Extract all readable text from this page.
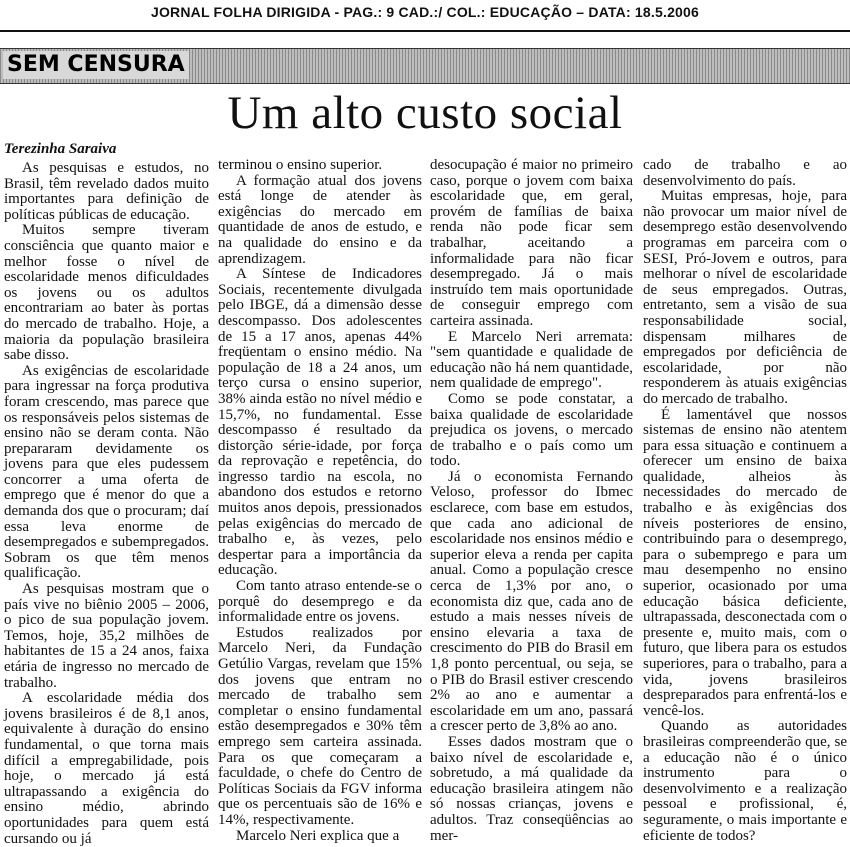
JORNAL FOLHA DIRIGIDA - PAG.: 9 CAD.:/ COL.: EDUCAÇÃO – DATA: 18.5.2006
SEM CENSURA
Um alto custo social
Terezinha Saraiva

As pesquisas e estudos, no Brasil, têm revelado dados muito importantes para definição de políticas públicas de educação.

Muitos sempre tiveram consciência que quanto maior e melhor fosse o nível de escolaridade menos dificuldades os jovens ou os adultos encontrariam ao bater às portas do mercado de trabalho. Hoje, a maioria da população brasileira sabe disso.

As exigências de escolaridade para ingressar na força produtiva foram crescendo, mas parece que os responsáveis pelos sistemas de ensino não se deram conta. Não prepararam devidamente os jovens para que eles pudessem concorrer a uma oferta de emprego que é menor do que a demanda dos que o procuram; daí essa leva enorme de desempregados e subempregados. Sobram os que têm menos qualificação.

As pesquisas mostram que o país vive no biênio 2005 – 2006, o pico de sua população jovem. Temos, hoje, 35,2 milhões de habitantes de 15 a 24 anos, faixa etária de ingresso no mercado de trabalho.

A escolaridade média dos jovens brasileiros é de 8,1 anos, equivalente à duração do ensino fundamental, o que torna mais difícil a empregabilidade, pois hoje, o mercado já está ultrapassando a exigência do ensino médio, abrindo oportunidades para quem está cursando ou já

terminou o ensino superior.

A formação atual dos jovens está longe de atender às exigências do mercado em quantidade de anos de estudo, e na qualidade do ensino e da aprendizagem.

A Síntese de Indicadores Sociais, recentemente divulgada pelo IBGE, dá a dimensão desse descompasso. Dos adolescentes de 15 a 17 anos, apenas 44% freqüentam o ensino médio. Na população de 18 a 24 anos, um terço cursa o ensino superior, 38% ainda estão no nível médio e 15,7%, no fundamental. Esse descompasso é resultado da distorção série-idade, por força da reprovação e repetência, do ingresso tardio na escola, no abandono dos estudos e retorno muitos anos depois, pressionados pelas exigências do mercado de trabalho e, às vezes, pelo despertar para a importância da educação.

Com tanto atraso entende-se o porquê do desemprego e da informalidade entre os jovens.

Estudos realizados por Marcelo Neri, da Fundação Getúlio Vargas, revelam que 15% dos jovens que entram no mercado de trabalho sem completar o ensino fundamental estão desempregados e 30% têm emprego sem carteira assinada. Para os que começaram a faculdade, o chefe do Centro de Políticas Sociais da FGV informa que os percentuais são de 16% e 14%, respectivamente.

Marcelo Neri explica que a

desocupação é maior no primeiro caso, porque o jovem com baixa escolaridade que, em geral, provém de famílias de baixa renda não pode ficar sem trabalhar, aceitando a informalidade para não ficar desempregado. Já o mais instruído tem mais oportunidade de conseguir emprego com carteira assinada.

E Marcelo Neri arremata: "sem quantidade e qualidade de educação não há nem quantidade, nem qualidade de emprego".

Como se pode constatar, a baixa qualidade de escolaridade prejudica os jovens, o mercado de trabalho e o país como um todo.

Já o economista Fernando Veloso, professor do Ibmec esclarece, com base em estudos, que cada ano adicional de escolaridade nos ensinos médio e superior eleva a renda per capita anual. Como a população cresce cerca de 1,3% por ano, o economista diz que, cada ano de estudo a mais nesses níveis de ensino elevaria a taxa de crescimento do PIB do Brasil em 1,8 ponto percentual, ou seja, se o PIB do Brasil estiver crescendo 2% ao ano e aumentar a escolaridade em um ano, passará a crescer perto de 3,8% ao ano.

Esses dados mostram que o baixo nível de escolaridade e, sobretudo, a má qualidade da educação brasileira atingem não só nossas crianças, jovens e adultos. Traz conseqüências ao mer-

cado de trabalho e ao desenvolvimento do país.

Muitas empresas, hoje, para não provocar um maior nível de desemprego estão desenvolvendo programas em parceira com o SESI, Pró-Jovem e outros, para melhorar o nível de escolaridade de seus empregados. Outras, entretanto, sem a visão de sua responsabilidade social, dispensam milhares de empregados por deficiência de escolaridade, por não responderem às atuais exigências do mercado de trabalho.

É lamentável que nossos sistemas de ensino não atentem para essa situação e continuem a oferecer um ensino de baixa qualidade, alheios às necessidades do mercado de trabalho e às exigências dos níveis posteriores de ensino, contribuindo para o desemprego, para o subemprego e para um mau desempenho no ensino superior, ocasionado por uma educação básica deficiente, ultrapassada, desconectada com o presente e, muito mais, com o futuro, que libera para os estudos superiores, para o trabalho, para a vida, jovens brasileiros despreparados para enfrentá-los e vencê-los.

Quando as autoridades brasileiras compreenderão que, se a educação não é o único instrumento para o desenvolvimento e a realização pessoal e profissional, é, seguramente, o mais importante e eficiente de todos?
